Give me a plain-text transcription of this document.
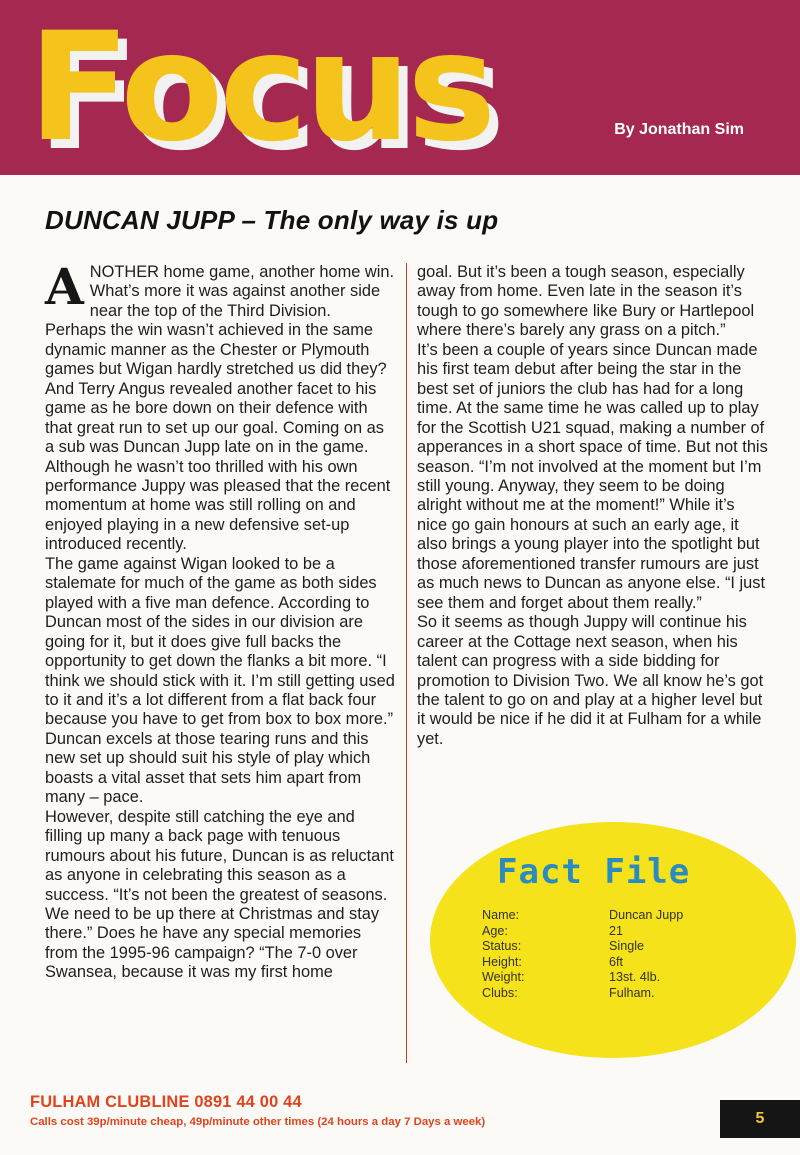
Focus	By Jonathan Sim

DUNCAN JUPP – The only way is up

ANOTHER home game, another home win. What’s more it was against another side near the top of the Third Division. Perhaps the win wasn’t achieved in the same dynamic manner as the Chester or Plymouth games but Wigan hardly stretched us did they? And Terry Angus revealed another facet to his game as he bore down on their defence with that great run to set up our goal. Coming on as a sub was Duncan Jupp late on in the game. Although he wasn’t too thrilled with his own performance Juppy was pleased that the recent momentum at home was still rolling on and enjoyed playing in a new defensive set-up introduced recently.

The game against Wigan looked to be a stalemate for much of the game as both sides played with a five man defence. According to Duncan most of the sides in our division are going for it, but it does give full backs the opportunity to get down the flanks a bit more. “I think we should stick with it. I’m still getting used to it and it’s a lot different from a flat back four because you have to get from box to box more.”

Duncan excels at those tearing runs and this new set up should suit his style of play which boasts a vital asset that sets him apart from many – pace.

However, despite still catching the eye and filling up many a back page with tenuous rumours about his future, Duncan is as reluctant as anyone in celebrating this season as a success. “It’s not been the greatest of seasons. We need to be up there at Christmas and stay there.” Does he have any special memories from the 1995-96 campaign? “The 7-0 over Swansea, because it was my first home

goal. But it’s been a tough season, especially away from home. Even late in the season it’s tough to go somewhere like Bury or Hartlepool where there’s barely any grass on a pitch.”

It’s been a couple of years since Duncan made his first team debut after being the star in the best set of juniors the club has had for a long time. At the same time he was called up to play for the Scottish U21 squad, making a number of apperances in a short space of time. But not this season. “I’m not involved at the moment but I’m still young. Anyway, they seem to be doing alright without me at the moment!” While it’s nice go gain honours at such an early age, it also brings a young player into the spotlight but those aforementioned transfer rumours are just as much news to Duncan as anyone else. “I just see them and forget about them really.”

So it seems as though Juppy will continue his career at the Cottage next season, when his talent can progress with a side bidding for promotion to Division Two. We all know he’s got the talent to go on and play at a higher level but it would be nice if he did it at Fulham for a while yet.

Fact File
Name:	Duncan Jupp
Age:	21
Status:	Single
Height:	6ft
Weight:	13st. 4lb.
Clubs:	Fulham.

FULHAM CLUBLINE 0891 44 00 44

Calls cost 39p/minute cheap, 49p/minute other times (24 hours a day 7 Days a week)	5
